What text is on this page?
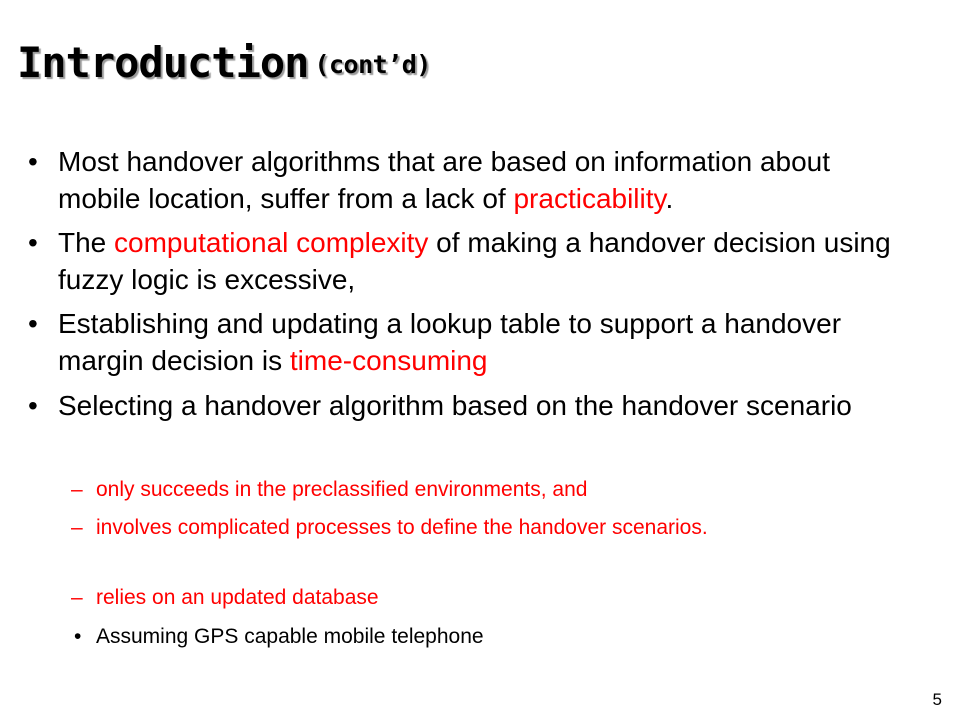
Introduction (cont’d)
• Most handover algorithms that are based on information about mobile location, suffer from a lack of practicability.
• The computational complexity of making a handover decision using fuzzy logic is excessive,
• Establishing and updating a lookup table to support a handover margin decision is time-consuming
• Selecting a handover algorithm based on the handover scenario
– only succeeds in the preclassified environments, and
– involves complicated processes to define the handover scenarios.
– relies on an updated database
• Assuming GPS capable mobile telephone
5
